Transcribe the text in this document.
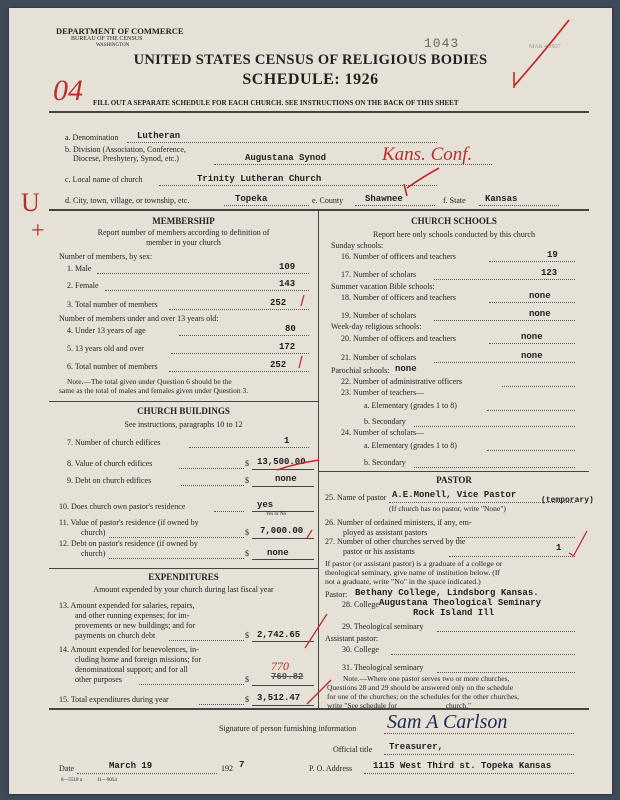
DEPARTMENT OF COMMERCE
BUREAU OF THE CENSUS
WASHINGTON	1043	MAR 4 1927
UNITED STATES CENSUS OF RELIGIOUS BODIES
SCHEDULE: 1926
04 FILL OUT A SEPARATE SCHEDULE FOR EACH CHURCH. SEE INSTRUCTIONS ON THE BACK OF THIS SHEET
a. Denomination Lutheran
b. Division (Association, Conference,
Diocese, Presbytery, Synod, etc.)	Augustana Synod	Kans. Conf.
c. Local name of church	Trinity Lutheran Church
d. City, town, village, or township, etc.	Topeka	e. County Shawnee	f. State Kansas
U
+	MEMBERSHIP
Report number of members according to definition of
member in your church
Number of members, by sex:
1. Male	109
2. Female	143
3. Total number of members	252
Number of members under and over 13 years old:
4. Under 13 years of age	80
5. 13 years old and over	172
6. Total number of members	252
Note.—The total given under Question 6 should be the
same as the total of males and females given under Question 3.
CHURCH BUILDINGS
See instructions, paragraphs 10 to 12
7. Number of church edifices	1
8. Value of church edifices	$ 13,500.00
9. Debt on church edifices	$	none
10. Does church own pastor's residence	yes
Yes or No
11. Value of pastor's residence (if owned by
church)	$ 7,000.00
12. Debt on pastor's residence (if owned by
church)	$ none
EXPENDITURES
Amount expended by your church during last fiscal year
13. Amount expended for salaries, repairs,
and other running expenses; for im-
provements or new buildings; and for
payments on church debt	$ 2,742.65
14. Amount expended for benevolences, in-
cluding home and foreign missions; for
denominational support; and for all
other purposes	$ 769.82
770
15. Total expenditures during year	$ 3,512.47
CHURCH SCHOOLS
Report here only schools conducted by this church
Sunday schools:
16. Number of officers and teachers	19
17. Number of scholars	123
Summer vacation Bible schools:
18. Number of officers and teachers	none
19. Number of scholars	none
Week-day religious schools:
20. Number of officers and teachers	none
21. Number of scholars	none
Parochial schools: none
22. Number of administrative officers
23. Number of teachers—
a. Elementary (grades 1 to 8)
b. Secondary
24. Number of scholars—
a. Elementary (grades 1 to 8)
b. Secondary
PASTOR
25. Name of pastor A.E.Monell, Vice Pastor
(temporary)
(If church has no pastor, write "None")
26. Number of ordained ministers, if any, em-
ployed as assistant pastors
27. Number of other churches served by the
pastor or his assistants	1
If pastor (or assistant pastor) is a graduate of a college or
theological seminary, give name of institution below. (If
not a graduate, write "No" in the space indicated.)
Pastor: Bethany College, Lindsborg Kansas.
28. College Augustana Theological Seminary
Rock Island Ill
29. Theological seminary
Assistant pastor:
30. College
31. Theological seminary
Note.—Where one pastor serves two or more churches,
Questions 28 and 29 should be answered only on the schedule
for one of the churches; on the schedules for the other churches,
write "See schedule for ____________ church."
Signature of person furnishing information Sam A Carlson
Official title Treasurer,
Date	March 19	192 7
8—5518 a	11—9054
P. O. Address 1115 West Third st. Topeka Kansas
